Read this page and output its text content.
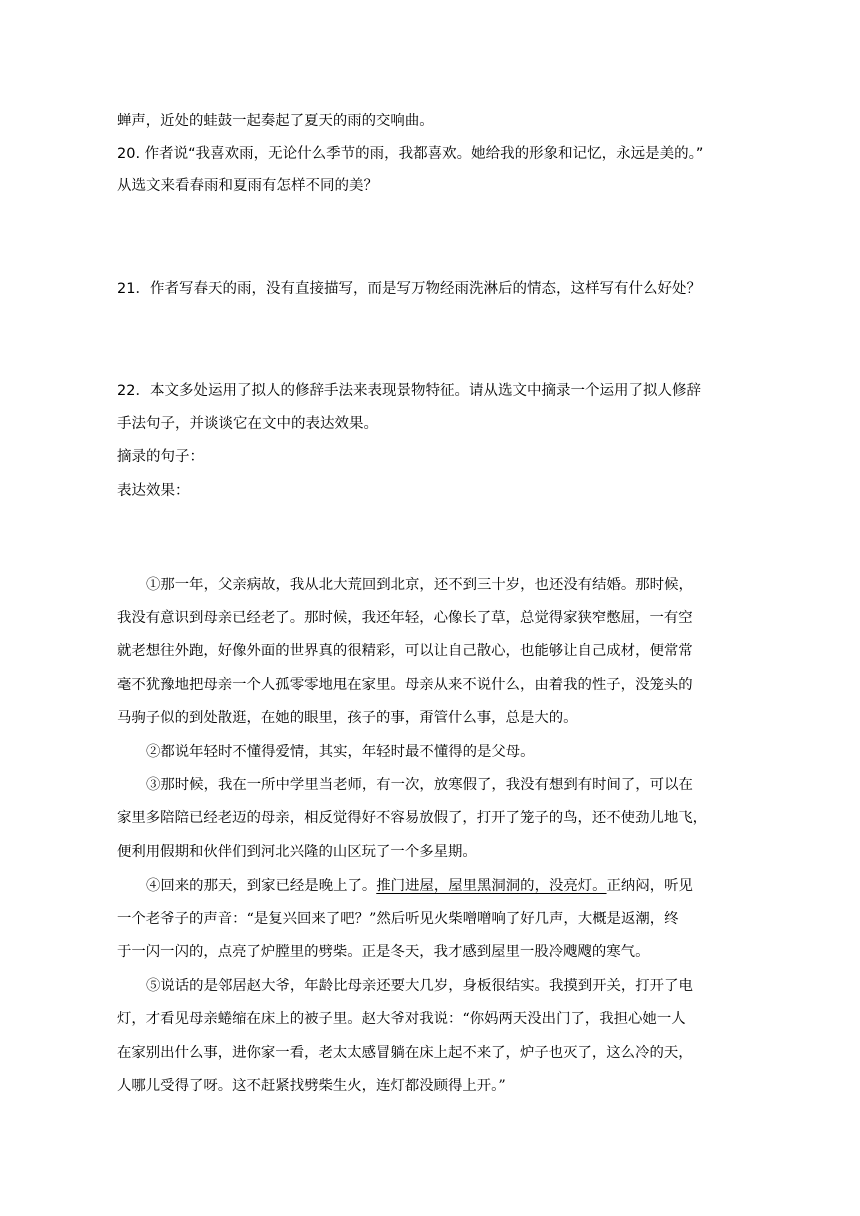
蝉声，近处的蛙鼓一起奏起了夏天的雨的交响曲。
20. 作者说“我喜欢雨，无论什么季节的雨，我都喜欢。她给我的形象和记忆，永远是美的。”
从选文来看春雨和夏雨有怎样不同的美？
21．作者写春天的雨，没有直接描写，而是写万物经雨洗淋后的情态，这样写有什么好处？
22．本文多处运用了拟人的修辞手法来表现景物特征。请从选文中摘录一个运用了拟人修辞
手法句子，并谈谈它在文中的表达效果。
摘录的句子：
表达效果：
①那一年，父亲病故，我从北大荒回到北京，还不到三十岁，也还没有结婚。那时候，
我没有意识到母亲已经老了。那时候，我还年轻，心像长了草，总觉得家狭窄憋屈，一有空
就老想往外跑，好像外面的世界真的很精彩，可以让自己散心，也能够让自己成材，便常常
毫不犹豫地把母亲一个人孤零零地甩在家里。母亲从来不说什么，由着我的性子，没笼头的
马驹子似的到处散逛，在她的眼里，孩子的事，甭管什么事，总是大的。
②都说年轻时不懂得爱情，其实，年轻时最不懂得的是父母。
③那时候，我在一所中学里当老师，有一次，放寒假了，我没有想到有时间了，可以在
家里多陪陪已经老迈的母亲，相反觉得好不容易放假了，打开了笼子的鸟，还不使劲儿地飞，
便利用假期和伙伴们到河北兴隆的山区玩了一个多星期。
④回来的那天，到家已经是晚上了。推门进屋，屋里黑洞洞的，没亮灯。正纳闷，听见
一个老爷子的声音：“是复兴回来了吧？”然后听见火柴噌噌响了好几声，大概是返潮，终
于一闪一闪的，点亮了炉膛里的劈柴。正是冬天，我才感到屋里一股冷飕飕的寒气。
⑤说话的是邻居赵大爷，年龄比母亲还要大几岁，身板很结实。我摸到开关，打开了电
灯，才看见母亲蜷缩在床上的被子里。赵大爷对我说：“你妈两天没出门了，我担心她一人
在家别出什么事，进你家一看，老太太感冒躺在床上起不来了，炉子也灭了，这么冷的天，
人哪儿受得了呀。这不赶紧找劈柴生火，连灯都没顾得上开。”
